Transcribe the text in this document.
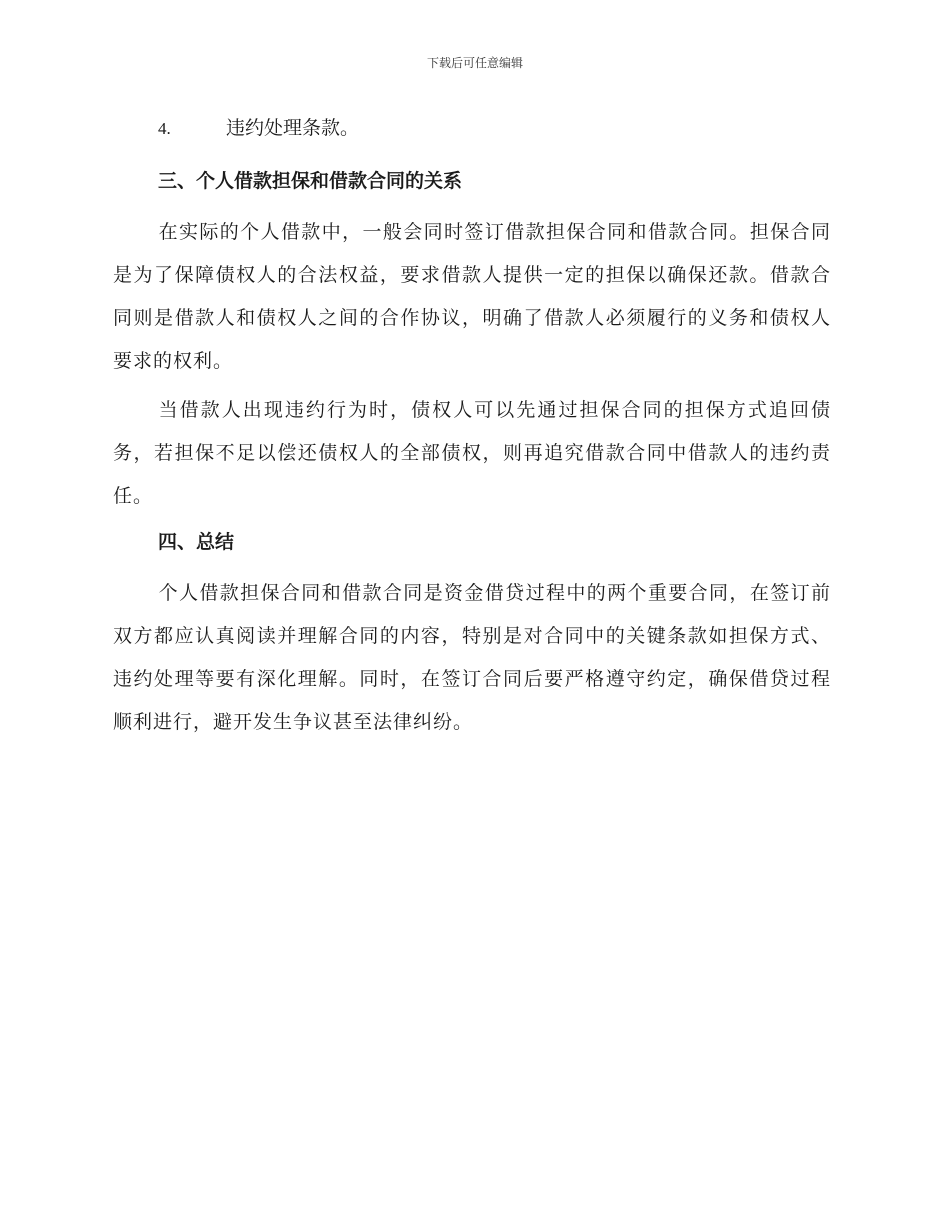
下载后可任意编辑
4.	违约处理条款。
三、个人借款担保和借款合同的关系

在实际的个人借款中，一般会同时签订借款担保合同和借款合同。担保合同是为了保障债权人的合法权益，要求借款人提供一定的担保以确保还款。借款合同则是借款人和债权人之间的合作协议，明确了借款人必须履行的义务和债权人要求的权利。

当借款人出现违约行为时，债权人可以先通过担保合同的担保方式追回债务，若担保不足以偿还债权人的全部债权，则再追究借款合同中借款人的违约责任。

四、总结

个人借款担保合同和借款合同是资金借贷过程中的两个重要合同，在签订前双方都应认真阅读并理解合同的内容，特别是对合同中的关键条款如担保方式、违约处理等要有深化理解。同时，在签订合同后要严格遵守约定，确保借贷过程顺利进行，避开发生争议甚至法律纠纷。
